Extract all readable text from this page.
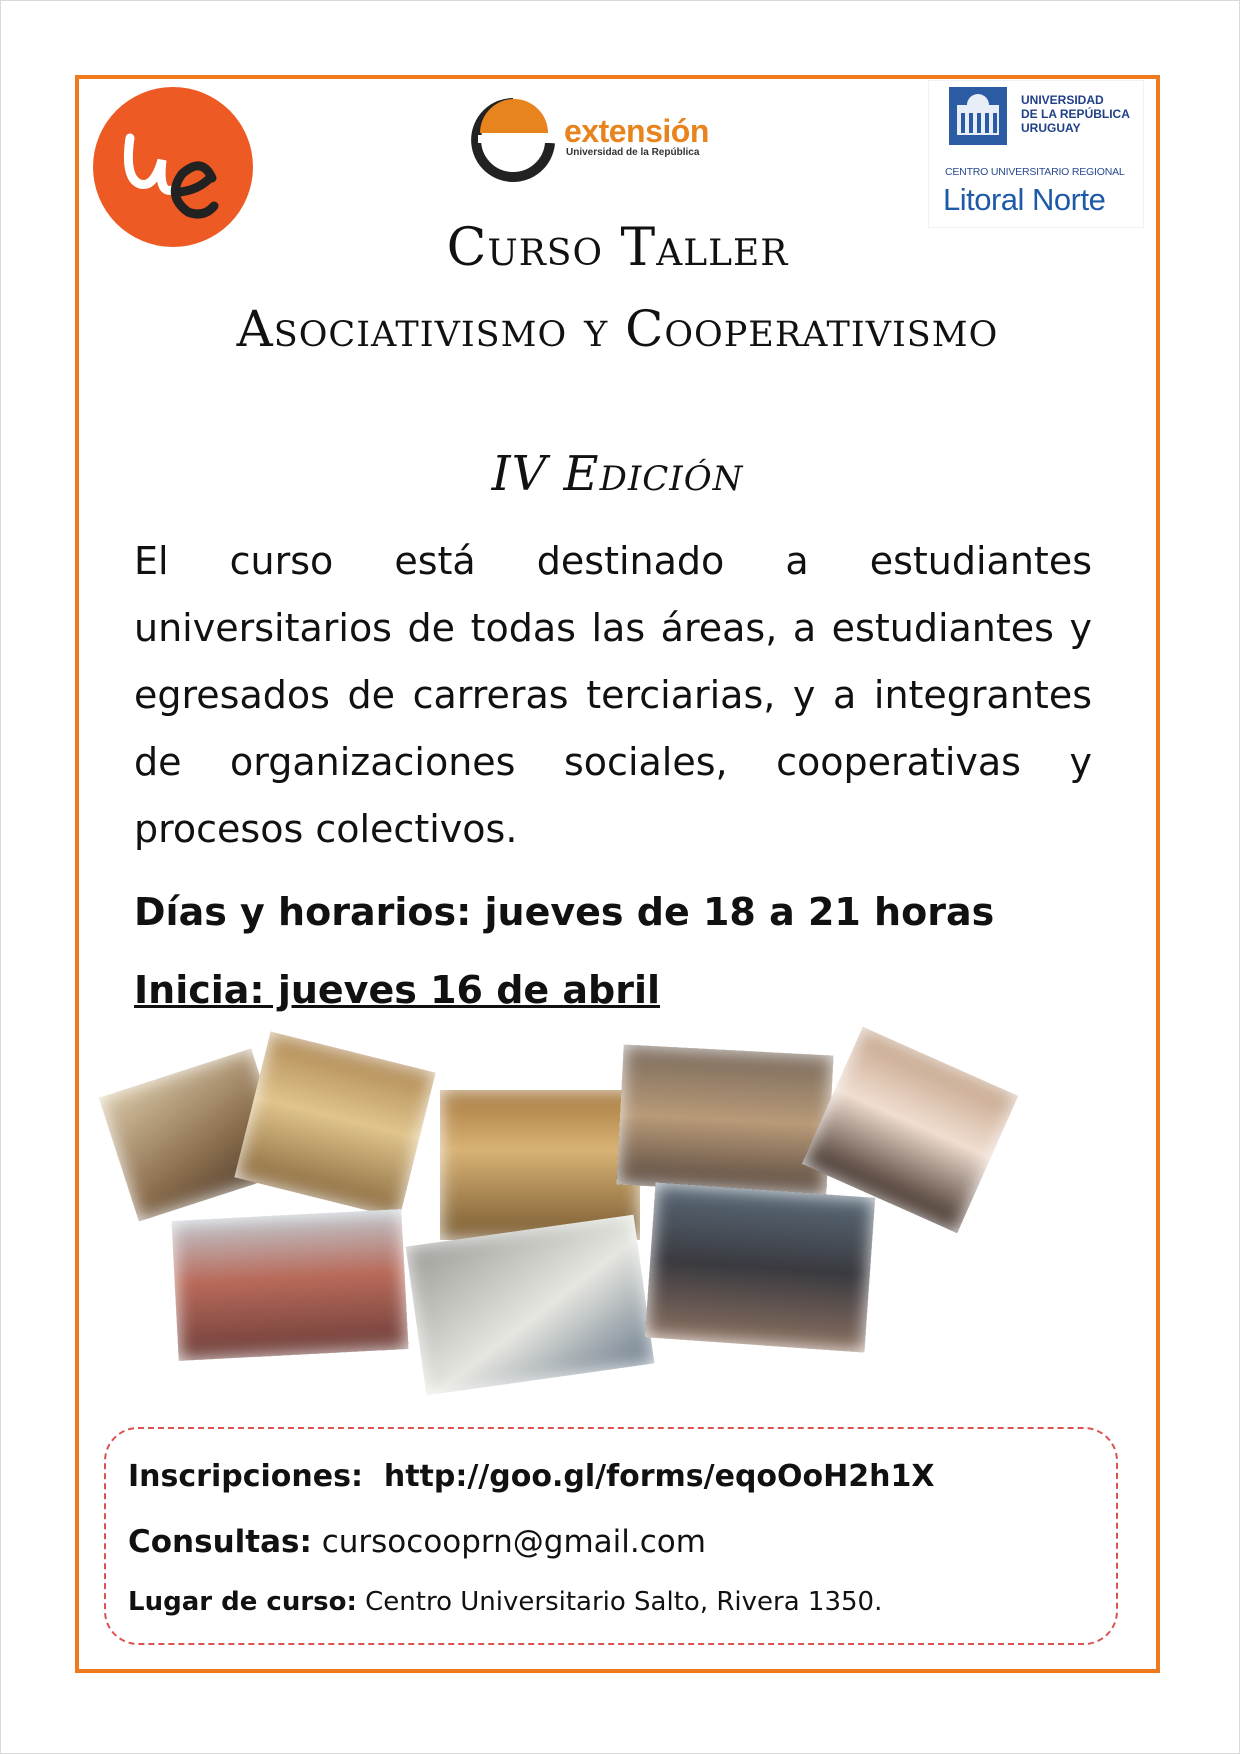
extensión
Universidad de la República
UNIVERSIDAD
DE LA REPÚBLICA
URUGUAY
CENTRO UNIVERSITARIO REGIONAL
Litoral Norte
Curso Taller
Asociativismo y Cooperativismo
IV Edición
El curso está destinado a estudiantes universitarios de todas las áreas, a estudiantes y egresados de carreras terciarias, y a integrantes de organizaciones sociales, cooperativas y procesos colectivos.
Días y horarios: jueves de 18 a 21 horas
Inicia: jueves 16 de abril
Inscripciones: http://goo.gl/forms/eqoOoH2h1X
Consultas: cursocooprn@gmail.com
Lugar de curso: Centro Universitario Salto, Rivera 1350.
